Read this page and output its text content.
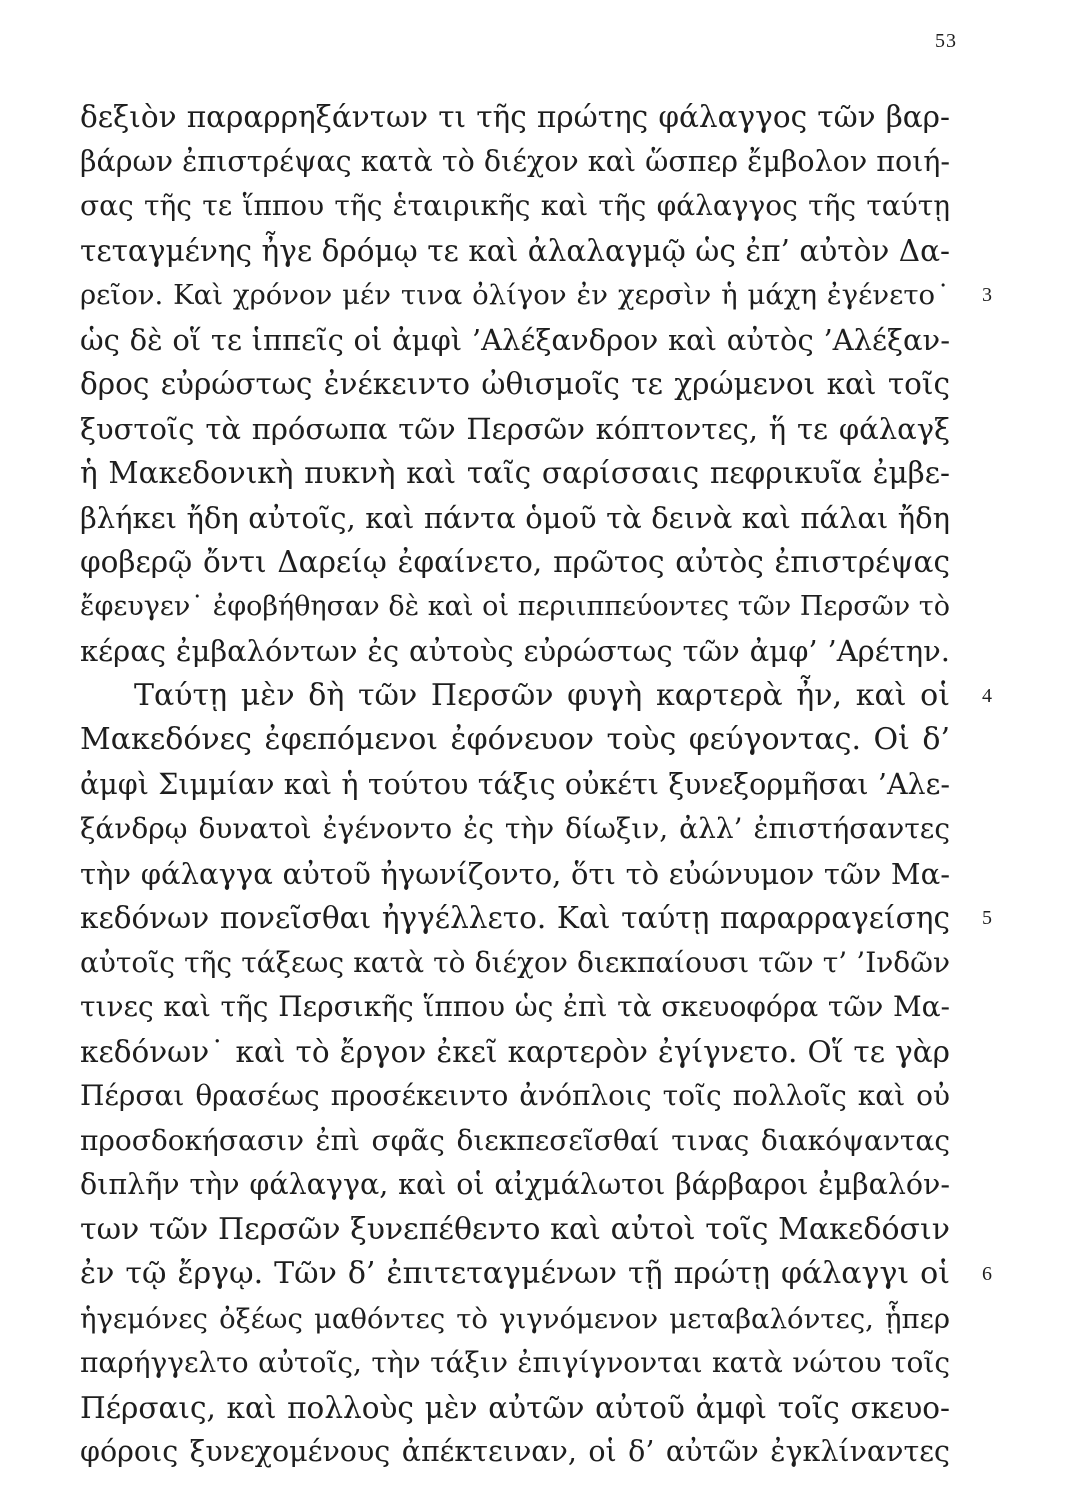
53
δεξιὸν παραρρηξάντων τι τῆς πρώτης φάλαγγος τῶν βαρ-
βάρων ἐπιστρέψας κατὰ τὸ διέχον καὶ ὥσπερ ἔμβολον ποιή-
σας τῆς τε ἵππου τῆς ἑταιρικῆς καὶ τῆς φάλαγγος τῆς ταύτῃ
τεταγμένης ἦγε δρόμῳ τε καὶ ἀλαλαγμῷ ὡς ἐπ’ αὐτὸν Δα-
ρεῖον. Καὶ χρόνον μέν τινα ὀλίγον ἐν χερσὶν ἡ μάχη ἐγένετο˙ 3
ὡς δὲ οἵ τε ἱππεῖς οἱ ἀμφὶ ’Αλέξανδρον καὶ αὐτὸς ’Αλέξαν-
δρος εὐρώστως ἐνέκειντο ὠθισμοῖς τε χρώμενοι καὶ τοῖς
ξυστοῖς τὰ πρόσωπα τῶν Περσῶν κόπτοντες, ἥ τε φάλαγξ
ἡ Μακεδονικὴ πυκνὴ καὶ ταῖς σαρίσσαις πεφρικυῖα ἐμβε-
βλήκει ἤδη αὐτοῖς, καὶ πάντα ὁμοῦ τὰ δεινὰ καὶ πάλαι ἤδη
φοβερῷ ὄντι Δαρείῳ ἐφαίνετο, πρῶτος αὐτὸς ἐπιστρέψας
ἔφευγεν˙ ἐφοβήθησαν δὲ καὶ οἱ περιιππεύοντες τῶν Περσῶν τὸ
κέρας ἐμβαλόντων ἐς αὐτοὺς εὐρώστως τῶν ἀμφ’ ’Αρέτην.
Ταύτῃ μὲν δὴ τῶν Περσῶν φυγὴ καρτερὰ ἦν, καὶ οἱ 4
Μακεδόνες ἐφεπόμενοι ἐφόνευον τοὺς φεύγοντας. Οἱ δ’
ἀμφὶ Σιμμίαν καὶ ἡ τούτου τάξις οὐκέτι ξυνεξορμῆσαι ’Αλε-
ξάνδρῳ δυνατοὶ ἐγένοντο ἐς τὴν δίωξιν, ἀλλ’ ἐπιστήσαντες
τὴν φάλαγγα αὐτοῦ ἠγωνίζοντο, ὅτι τὸ εὐώνυμον τῶν Μα-
κεδόνων πονεῖσθαι ἠγγέλλετο. Καὶ ταύτῃ παραρραγείσης 5
αὐτοῖς τῆς τάξεως κατὰ τὸ διέχον διεκπαίουσι τῶν τ’ ’Ινδῶν
τινες καὶ τῆς Περσικῆς ἵππου ὡς ἐπὶ τὰ σκευοφόρα τῶν Μα-
κεδόνων˙ καὶ τὸ ἔργον ἐκεῖ καρτερὸν ἐγίγνετο. Οἵ τε γὰρ
Πέρσαι θρασέως προσέκειντο ἀνόπλοις τοῖς πολλοῖς καὶ οὐ
προσδοκήσασιν ἐπὶ σφᾶς διεκπεσεῖσθαί τινας διακόψαντας
διπλῆν τὴν φάλαγγα, καὶ οἱ αἰχμάλωτοι βάρβαροι ἐμβαλόν-
των τῶν Περσῶν ξυνεπέθεντο καὶ αὐτοὶ τοῖς Μακεδόσιν
ἐν τῷ ἔργῳ. Τῶν δ’ ἐπιτεταγμένων τῇ πρώτῃ φάλαγγι οἱ 6
ἡγεμόνες ὀξέως μαθόντες τὸ γιγνόμενον μεταβαλόντες, ᾗπερ
παρήγγελτο αὐτοῖς, τὴν τάξιν ἐπιγίγνονται κατὰ νώτου τοῖς
Πέρσαις, καὶ πολλοὺς μὲν αὐτῶν αὐτοῦ ἀμφὶ τοῖς σκευο-
φόροις ξυνεχομένους ἀπέκτειναν, οἱ δ’ αὐτῶν ἐγκλίναντες
